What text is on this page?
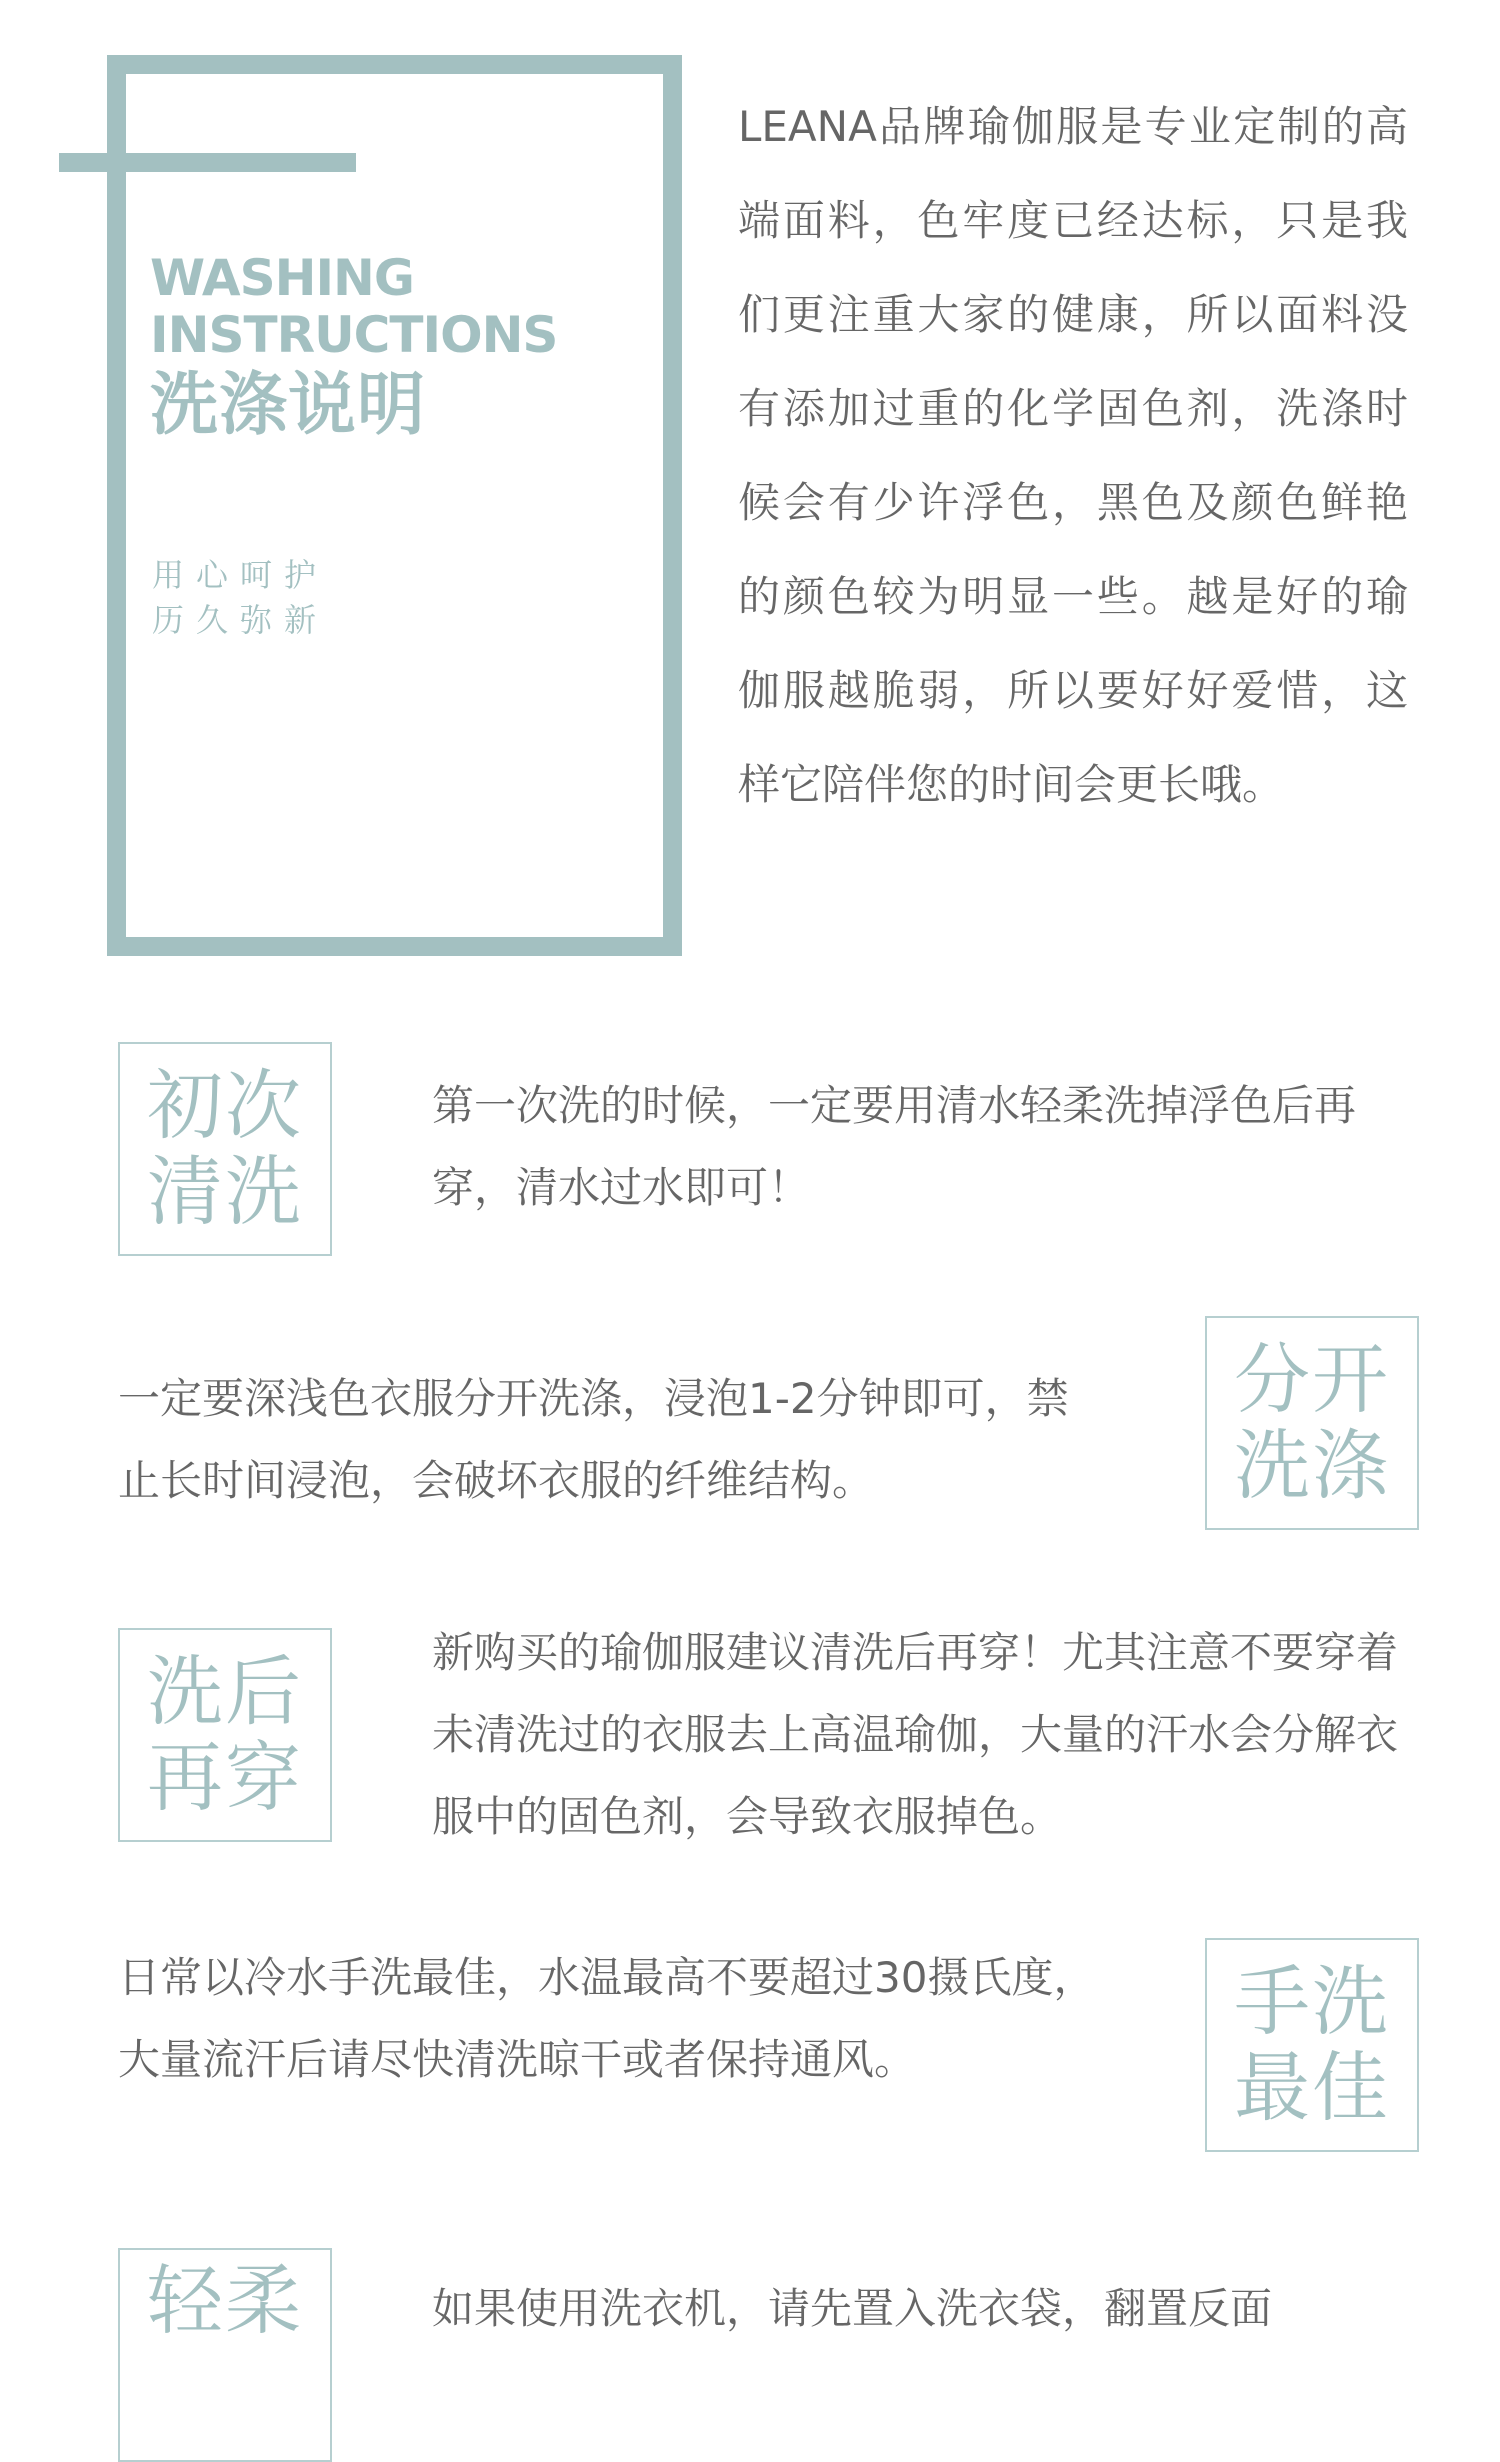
WASHING
INSTRUCTIONS
洗涤说明
用心呵护
历久弥新

LEANA品牌瑜伽服是专业定制的高端面料，色牢度已经达标，只是我们更注重大家的健康，所以面料没有添加过重的化学固色剂，洗涤时候会有少许浮色，黑色及颜色鲜艳的颜色较为明显一些。越是好的瑜伽服越脆弱，所以要好好爱惜，这样它陪伴您的时间会更长哦。

初次
清洗

第一次洗的时候，一定要用清水轻柔洗掉浮色后再穿，清水过水即可！

分开
洗涤

一定要深浅色衣服分开洗涤，浸泡1-2分钟即可，禁止长时间浸泡，会破坏衣服的纤维结构。

洗后
再穿

新购买的瑜伽服建议清洗后再穿！尤其注意不要穿着未清洗过的衣服去上高温瑜伽，大量的汗水会分解衣服中的固色剂，会导致衣服掉色。

手洗
最佳

日常以冷水手洗最佳，水温最高不要超过30摄氏度，大量流汗后请尽快清洗晾干或者保持通风。

轻柔	如果使用洗衣机，请先置入洗衣袋，翻置反面
